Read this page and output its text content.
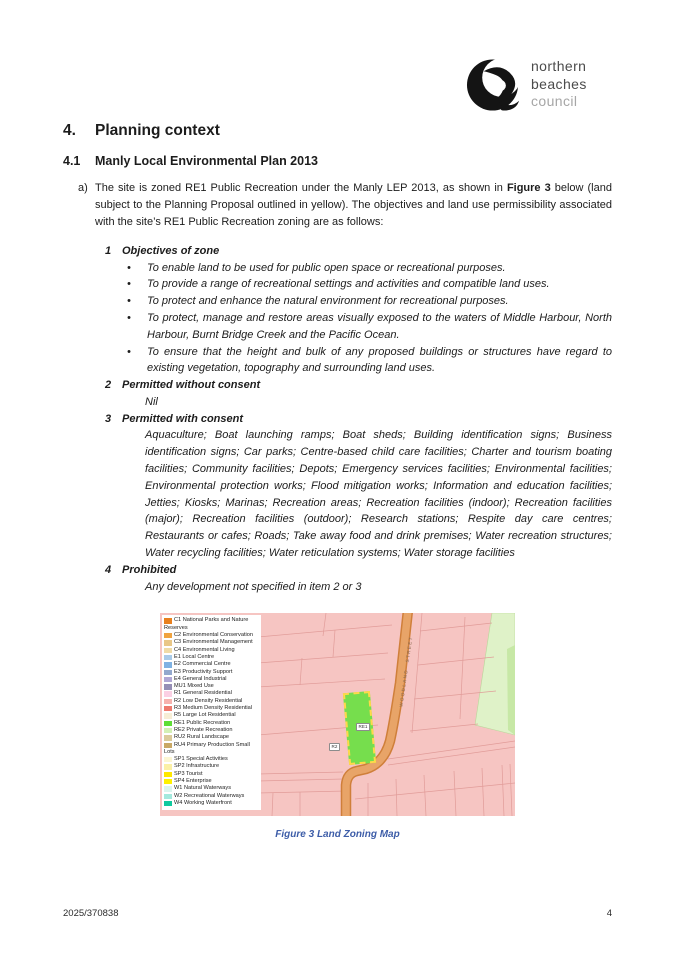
northern
beaches
council
4.	Planning context
4.1	Manly Local Environmental Plan 2013
a) The site is zoned RE1 Public Recreation under the Manly LEP 2013, as shown in Figure 3 below (land subject to the Planning Proposal outlined in yellow). The objectives and land use permissibility associated with the site’s RE1 Public Recreation zoning are as follows:
1 Objectives of zone
•	To enable land to be used for public open space or recreational purposes.
•	To provide a range of recreational settings and activities and compatible land uses.
•	To protect and enhance the natural environment for recreational purposes.
•	To protect, manage and restore areas visually exposed to the waters of Middle Harbour, North Harbour, Burnt Bridge Creek and the Pacific Ocean.
•	To ensure that the height and bulk of any proposed buildings or structures have regard to existing vegetation, topography and surrounding land uses.
2 Permitted without consent
Nil
3 Permitted with consent
Aquaculture; Boat launching ramps; Boat sheds; Building identification signs; Business identification signs; Car parks; Centre-based child care facilities; Charter and tourism boating facilities; Community facilities; Depots; Emergency services facilities; Environmental facilities; Environmental protection works; Flood mitigation works; Information and education facilities; Jetties; Kiosks; Marinas; Recreation areas; Recreation facilities (indoor); Recreation facilities (major); Recreation facilities (outdoor); Research stations; Respite day care centres; Restaurants or cafes; Roads; Take away food and drink premises; Water recreation structures; Water recycling facilities; Water reticulation systems; Water storage facilities
4 Prohibited
Any development not specified in item 2 or 3
WOODLAND STREET
RE1
R2
C1 National Parks and Nature Reserves
C2 Environmental Conservation
C3 Environmental Management
C4 Environmental Living
E1 Local Centre
E2 Commercial Centre
E3 Productivity Support
E4 General Industrial
MU1 Mixed Use
R1 General Residential
R2 Low Density Residential
R3 Medium Density Residential
R5 Large Lot Residential
RE1 Public Recreation
RE2 Private Recreation
RU2 Rural Landscape
RU4 Primary Production Small Lots
SP1 Special Activities
SP2 Infrastructure
SP3 Tourist
SP4 Enterprise
W1 Natural Waterways
W2 Recreational Waterways
W4 Working Waterfront
Figure 3 Land Zoning Map
2025/370838	4
